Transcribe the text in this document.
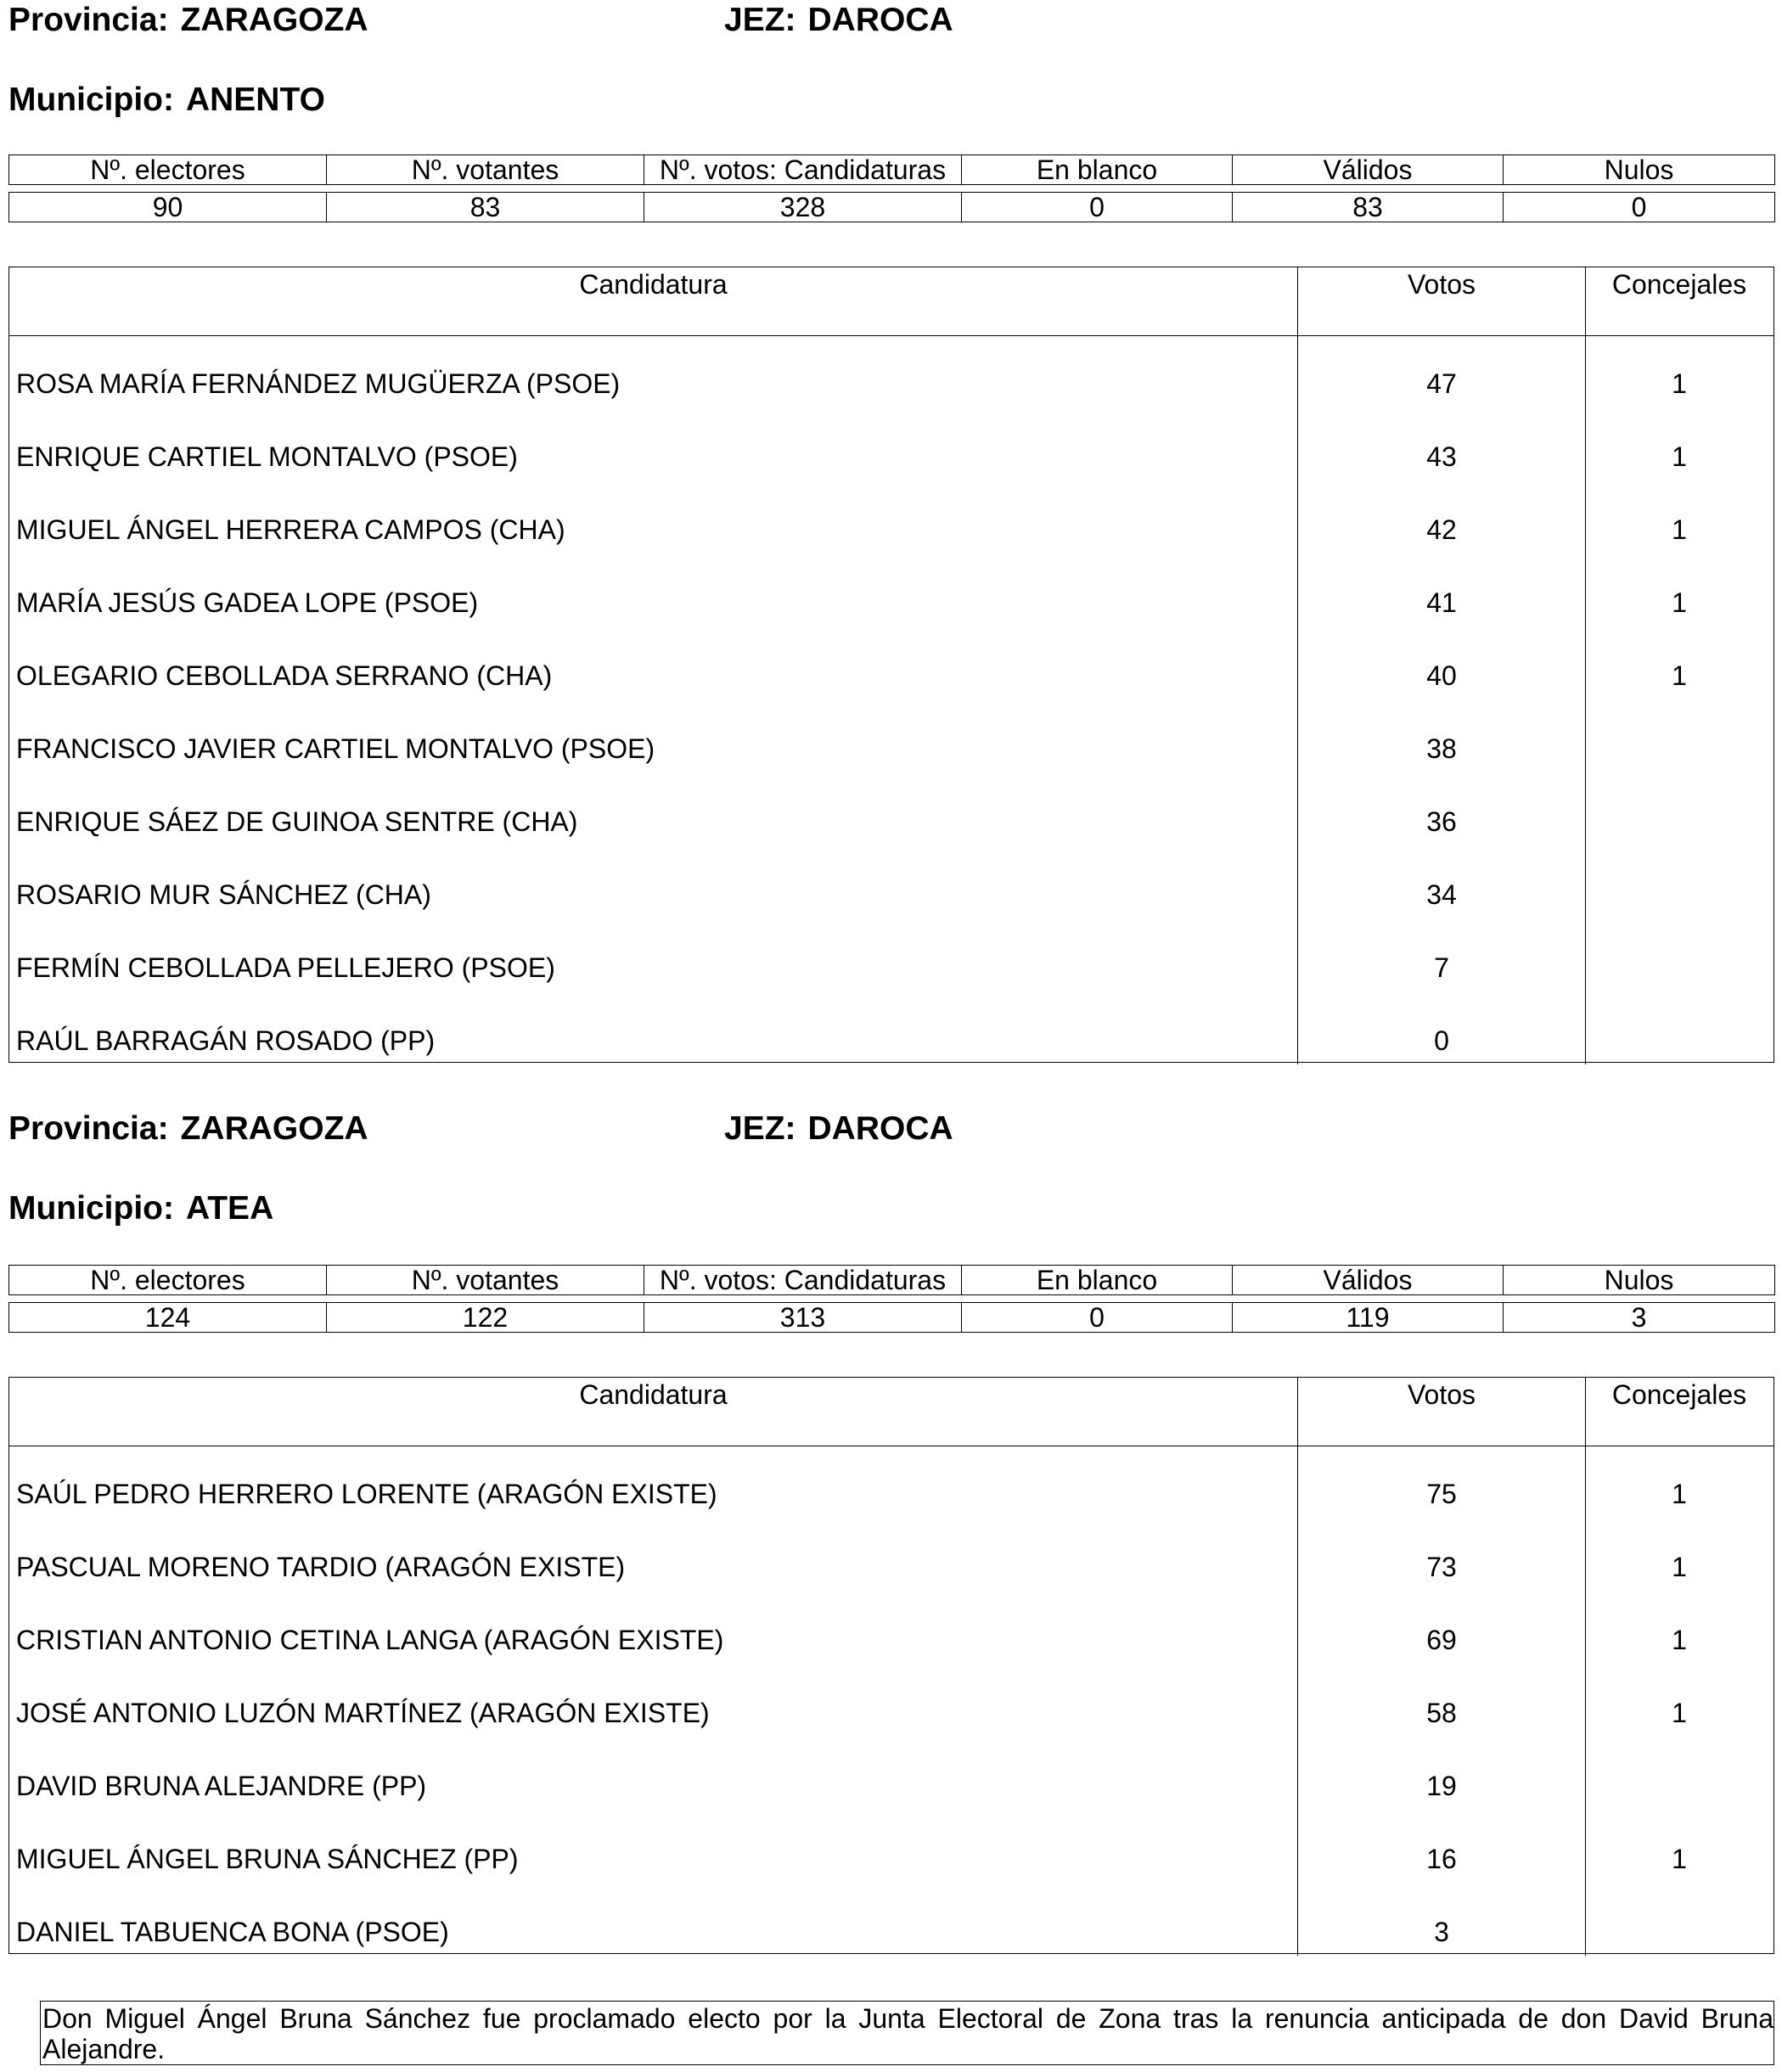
Provincia: ZARAGOZA	JEZ: DAROCA
Municipio: ANENTO
Nº. electores	Nº. votantes	Nº. votos: Candidaturas	En blanco	Válidos	Nulos
90	83	328	0	83	0
Candidatura	Votos	Concejales
ROSA MARÍA FERNÁNDEZ MUGÜERZA (PSOE)	47	1
ENRIQUE CARTIEL MONTALVO (PSOE)	43	1
MIGUEL ÁNGEL HERRERA CAMPOS (CHA)	42	1
MARÍA JESÚS GADEA LOPE (PSOE)	41	1
OLEGARIO CEBOLLADA SERRANO (CHA)	40	1
FRANCISCO JAVIER CARTIEL MONTALVO (PSOE)	38
ENRIQUE SÁEZ DE GUINOA SENTRE (CHA)	36
ROSARIO MUR SÁNCHEZ (CHA)	34
FERMÍN CEBOLLADA PELLEJERO (PSOE)	7
RAÚL BARRAGÁN ROSADO (PP)	0
Provincia: ZARAGOZA	JEZ: DAROCA
Municipio: ATEA
Nº. electores	Nº. votantes	Nº. votos: Candidaturas	En blanco	Válidos	Nulos
124	122	313	0	119	3
Candidatura	Votos	Concejales
SAÚL PEDRO HERRERO LORENTE (ARAGÓN EXISTE)	75	1
PASCUAL MORENO TARDIO (ARAGÓN EXISTE)	73	1
CRISTIAN ANTONIO CETINA LANGA (ARAGÓN EXISTE)	69	1
JOSÉ ANTONIO LUZÓN MARTÍNEZ (ARAGÓN EXISTE)	58	1
DAVID BRUNA ALEJANDRE (PP)	19
MIGUEL ÁNGEL BRUNA SÁNCHEZ (PP)	16	1
DANIEL TABUENCA BONA (PSOE)	3
Don Miguel Ángel Bruna Sánchez fue proclamado electo por la Junta Electoral de Zona tras la renuncia anticipada de don David Bruna Alejandre.
